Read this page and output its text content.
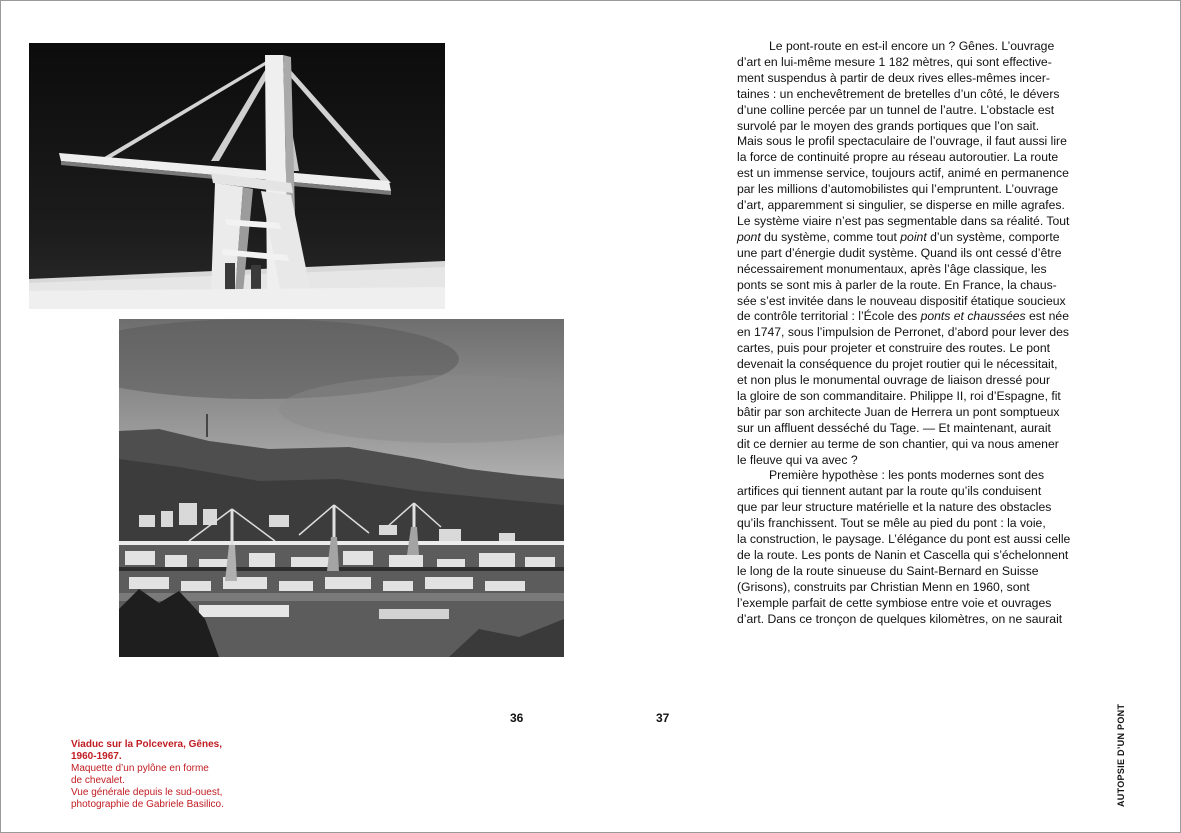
36	37
Viaduc sur la Polcevera, Gênes,
1960-1967.
Maquette d’un pylône en forme
de chevalet.
Vue générale depuis le sud-ouest,
photographie de Gabriele Basilico.	AUTOPSIE D’UN PONT
Le pont-route en est-il encore un ? Gênes. L’ouvrage
d’art en lui-même mesure 1 182 mètres, qui sont effective-
ment suspendus à partir de deux rives elles-mêmes incer-
taines : un enchevêtrement de bretelles d’un côté, le dévers
d’une colline percée par un tunnel de l’autre. L’obstacle est
survolé par le moyen des grands portiques que l’on sait.
Mais sous le profil spectaculaire de l’ouvrage, il faut aussi lire
la force de continuité propre au réseau autoroutier. La route
est un immense service, toujours actif, animé en permanence
par les millions d’automobilistes qui l’empruntent. L’ouvrage
d’art, apparemment si singulier, se disperse en mille agrafes.
Le système viaire n’est pas segmentable dans sa réalité. Tout
pont du système, comme tout point d’un système, comporte
une part d’énergie dudit système. Quand ils ont cessé d’être
nécessairement monumentaux, après l’âge classique, les
ponts se sont mis à parler de la route. En France, la chaus-
sée s’est invitée dans le nouveau dispositif étatique soucieux
de contrôle territorial : l’École des ponts et chaussées est née
en 1747, sous l’impulsion de Perronet, d’abord pour lever des
cartes, puis pour projeter et construire des routes. Le pont
devenait la conséquence du projet routier qui le nécessitait,
et non plus le monumental ouvrage de liaison dressé pour
la gloire de son commanditaire. Philippe II, roi d’Espagne, fit
bâtir par son architecte Juan de Herrera un pont somptueux
sur un affluent desséché du Tage. — Et maintenant, aurait
dit ce dernier au terme de son chantier, qui va nous amener
le fleuve qui va avec ?
Première hypothèse : les ponts modernes sont des
artifices qui tiennent autant par la route qu’ils conduisent
que par leur structure matérielle et la nature des obstacles
qu’ils franchissent. Tout se mêle au pied du pont : la voie,
la construction, le paysage. L’élégance du pont est aussi celle
de la route. Les ponts de Nanin et Cascella qui s’échelonnent
le long de la route sinueuse du Saint-Bernard en Suisse
(Grisons), construits par Christian Menn en 1960, sont
l’exemple parfait de cette symbiose entre voie et ouvrages
d’art. Dans ce tronçon de quelques kilomètres, on ne saurait
